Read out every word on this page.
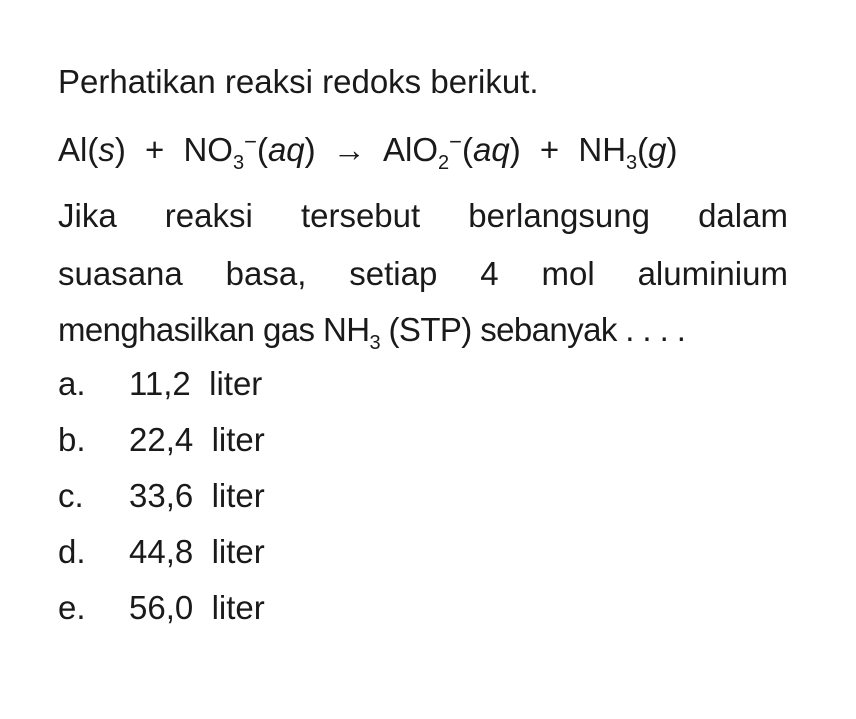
Perhatikan reaksi redoks berikut.
$Al(s) + NO_3^-(aq) \to AlO_2^-(aq) + NH_3(g)$
Jika reaksi tersebut berlangsung dalam
suasana basa, setiap 4 mol aluminium
menghasilkan gas $NH_3$ (STP) sebanyak . . . .
a. 11,2  liter
b. 22,4  liter
c. 33,6  liter
d. 44,8  liter
e. 56,0  liter
